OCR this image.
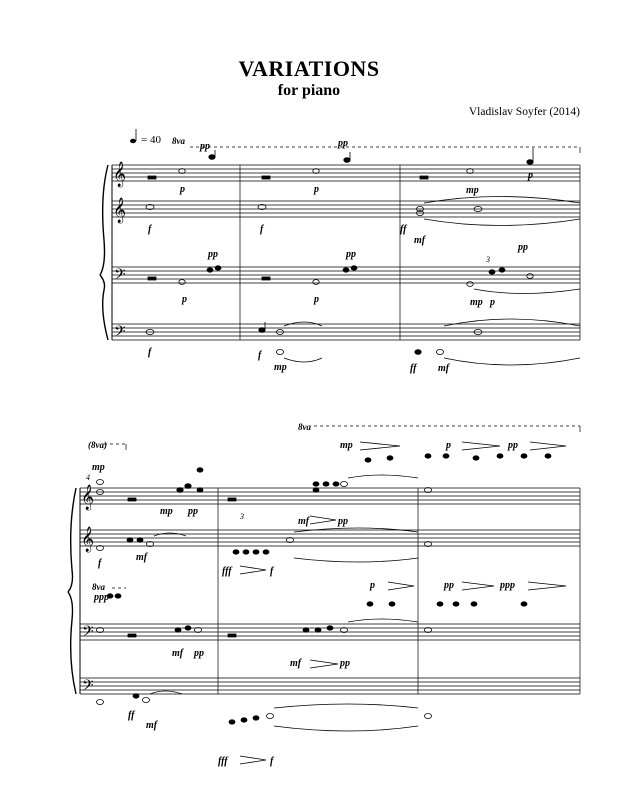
VARIATIONS
for piano
Vladislav Soyfer (2014)
𝄞
𝄞
𝄢
𝄢
= 40 8va pp
p
pp
p
p
mp
f	f	ff
mf
pp
p
pp
p
pp
mp p
f	f
mp	ff mf
3
𝄞
𝄞
𝄢
𝄢
4
(8va)
8va
8va
mp
mp pp
mf	pp
mp	p	pp
f
mf
fff	f
ppp
mf pp
mf	pp
p	pp	ppp
ff
mf
fff	f
3
